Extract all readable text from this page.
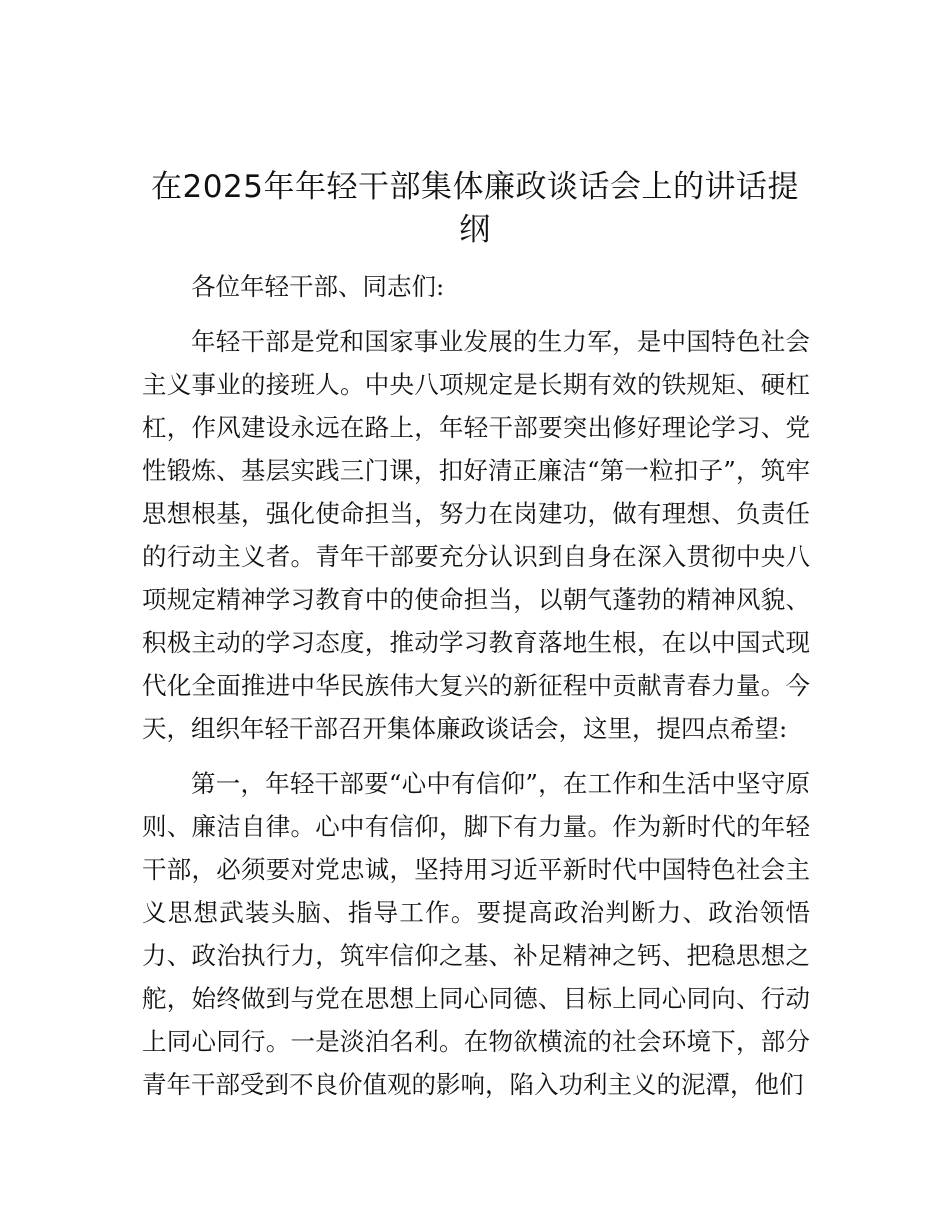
在2025年年轻干部集体廉政谈话会上的讲话提纲

各位年轻干部、同志们:

年轻干部是党和国家事业发展的生力军，是中国特色社会主义事业的接班人。中央八项规定是长期有效的铁规矩、硬杠杠，作风建设永远在路上，年轻干部要突出修好理论学习、党性锻炼、基层实践三门课，扣好清正廉洁“第一粒扣子”，筑牢思想根基，强化使命担当，努力在岗建功，做有理想、负责任的行动主义者。青年干部要充分认识到自身在深入贯彻中央八项规定精神学习教育中的使命担当，以朝气蓬勃的精神风貌、积极主动的学习态度，推动学习教育落地生根，在以中国式现代化全面推进中华民族伟大复兴的新征程中贡献青春力量。今天，组织年轻干部召开集体廉政谈话会，这里，提四点希望:

第一，年轻干部要“心中有信仰”，在工作和生活中坚守原则、廉洁自律。心中有信仰，脚下有力量。作为新时代的年轻干部，必须要对党忠诚，坚持用习近平新时代中国特色社会主义思想武装头脑、指导工作。要提高政治判断力、政治领悟力、政治执行力，筑牢信仰之基、补足精神之钙、把稳思想之舵，始终做到与党在思想上同心同德、目标上同心同向、行动上同心同行。一是淡泊名利。在物欲横流的社会环境下，部分青年干部受到不良价值观的影响，陷入功利主义的泥潭，他们
